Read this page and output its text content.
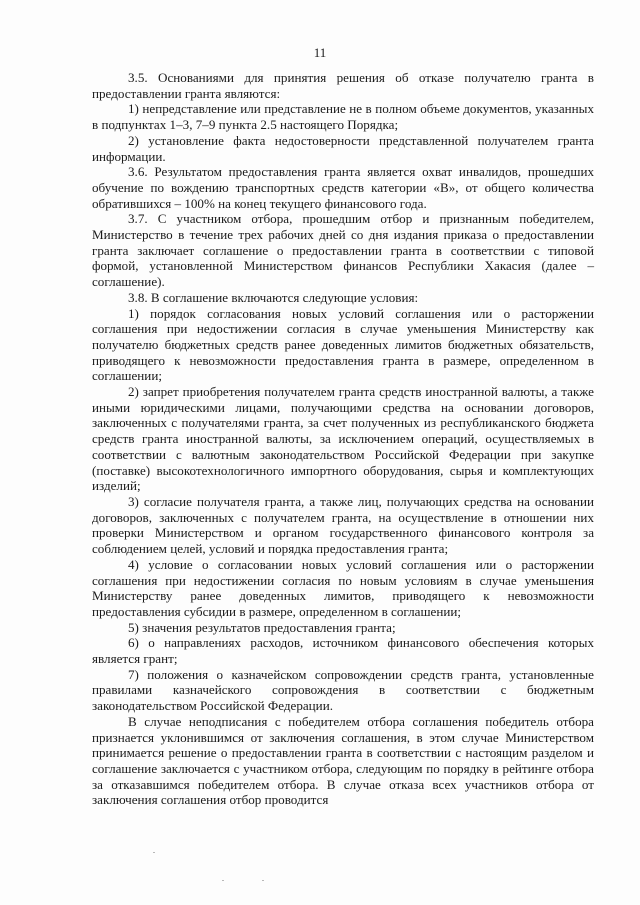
11

3.5. Основаниями для принятия решения об отказе получателю гранта в предоставлении гранта являются:

1) непредставление или представление не в полном объеме документов, указанных в подпунктах 1–3, 7–9 пункта 2.5 настоящего Порядка;

2) установление факта недостоверности представленной получателем гранта информации.

3.6. Результатом предоставления гранта является охват инвалидов, прошедших обучение по вождению транспортных средств категории «В», от общего количества обратившихся – 100% на конец текущего финансового года.

3.7. С участником отбора, прошедшим отбор и признанным победителем, Министерство в течение трех рабочих дней со дня издания приказа о предоставлении гранта заключает соглашение о предоставлении гранта в соответствии с типовой формой, установленной Министерством финансов Республики Хакасия (далее – соглашение).

3.8. В соглашение включаются следующие условия:

1) порядок согласования новых условий соглашения или о расторжении соглашения при недостижении согласия в случае уменьшения Министерству как получателю бюджетных средств ранее доведенных лимитов бюджетных обязательств, приводящего к невозможности предоставления гранта в размере, определенном в соглашении;

2) запрет приобретения получателем гранта средств иностранной валюты, а также иными юридическими лицами, получающими средства на основании договоров, заключенных с получателями гранта, за счет полученных из республиканского бюджета средств гранта иностранной валюты, за исключением операций, осуществляемых в соответствии с валютным законодательством Российской Федерации при закупке (поставке) высокотехнологичного импортного оборудования, сырья и комплектующих изделий;

3) согласие получателя гранта, а также лиц, получающих средства на основании договоров, заключенных с получателем гранта, на осуществление в отношении них проверки Министерством и органом государственного финансового контроля за соблюдением целей, условий и порядка предоставления гранта;

4) условие о согласовании новых условий соглашения или о расторжении соглашения при недостижении согласия по новым условиям в случае уменьшения Министерству ранее доведенных лимитов, приводящего к невозможности предоставления субсидии в размере, определенном в соглашении;

5) значения результатов предоставления гранта;

6) о направлениях расходов, источником финансового обеспечения которых является грант;

7) положения о казначейском сопровождении средств гранта, установленные правилами казначейского сопровождения в соответствии с бюджетным законодательством Российской Федерации.

В случае неподписания с победителем отбора соглашения победитель отбора признается уклонившимся от заключения соглашения, в этом случае Министерством принимается решение о предоставлении гранта в соответствии с настоящим разделом и соглашение заключается с участником отбора, следующим по порядку в рейтинге отбора за отказавшимся победителем отбора. В случае отказа всех участников отбора от заключения соглашения отбор проводится
